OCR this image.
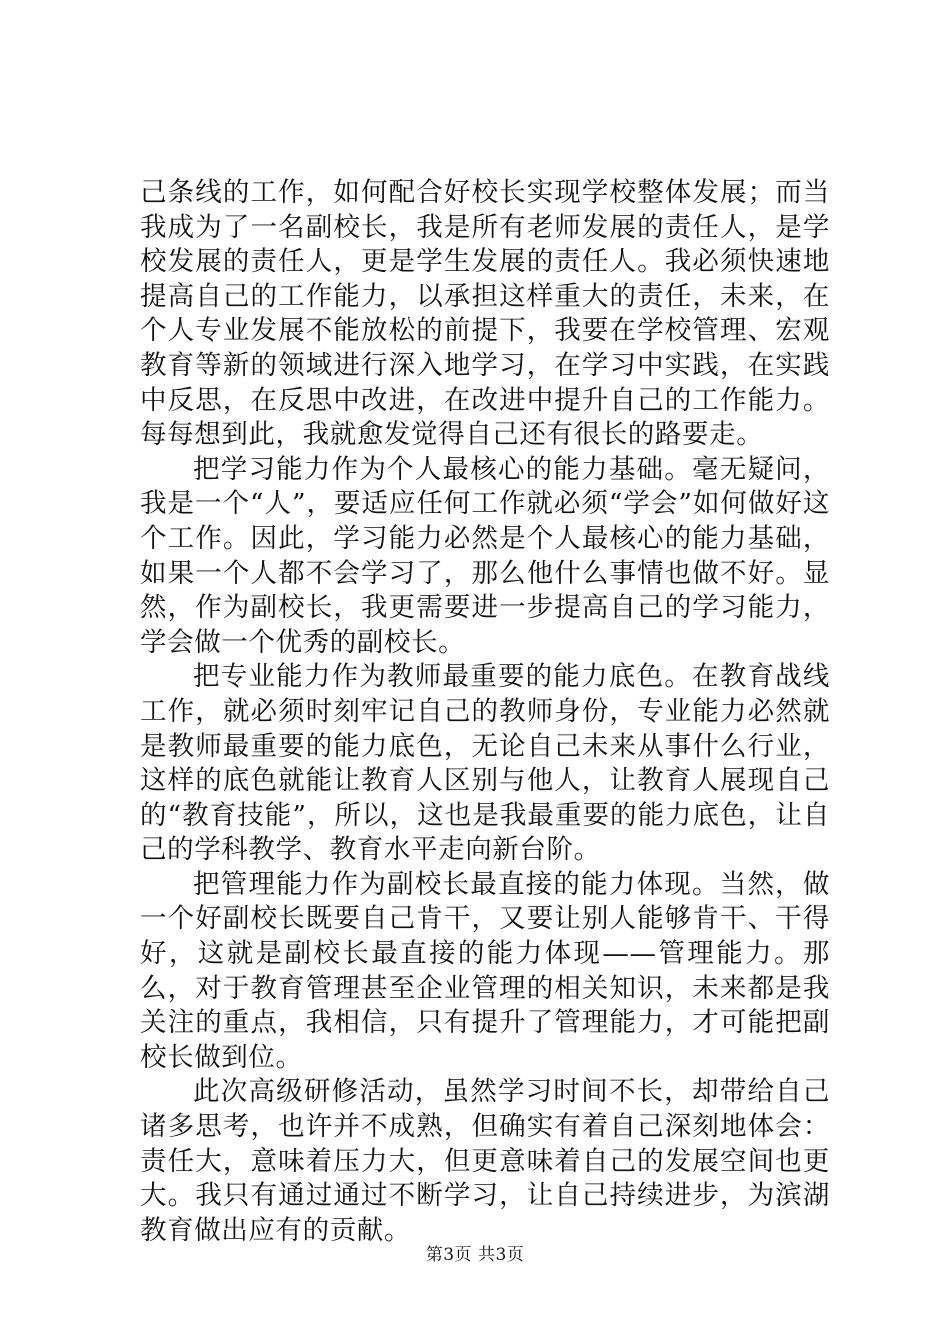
己条线的工作，如何配合好校长实现学校整体发展；而当我成为了一名副校长，我是所有老师发展的责任人，是学校发展的责任人，更是学生发展的责任人。我必须快速地提高自己的工作能力，以承担这样重大的责任，未来，在个人专业发展不能放松的前提下，我要在学校管理、宏观教育等新的领域进行深入地学习，在学习中实践，在实践中反思，在反思中改进，在改进中提升自己的工作能力。每每想到此，我就愈发觉得自己还有很长的路要走。

把学习能力作为个人最核心的能力基础。毫无疑问，我是一个“人”，要适应任何工作就必须“学会”如何做好这个工作。因此，学习能力必然是个人最核心的能力基础，如果一个人都不会学习了，那么他什么事情也做不好。显然，作为副校长，我更需要进一步提高自己的学习能力，学会做一个优秀的副校长。

把专业能力作为教师最重要的能力底色。在教育战线工作，就必须时刻牢记自己的教师身份，专业能力必然就是教师最重要的能力底色，无论自己未来从事什么行业，这样的底色就能让教育人区别与他人，让教育人展现自己的“教育技能”，所以，这也是我最重要的能力底色，让自己的学科教学、教育水平走向新台阶。

把管理能力作为副校长最直接的能力体现。当然，做一个好副校长既要自己肯干，又要让别人能够肯干、干得好，这就是副校长最直接的能力体现——管理能力。那么，对于教育管理甚至企业管理的相关知识，未来都是我关注的重点，我相信，只有提升了管理能力，才可能把副校长做到位。

此次高级研修活动，虽然学习时间不长，却带给自己诸多思考，也许并不成熟，但确实有着自己深刻地体会：责任大，意味着压力大，但更意味着自己的发展空间也更大。我只有通过通过不断学习，让自己持续进步，为滨湖教育做出应有的贡献。

第3页 共3页
